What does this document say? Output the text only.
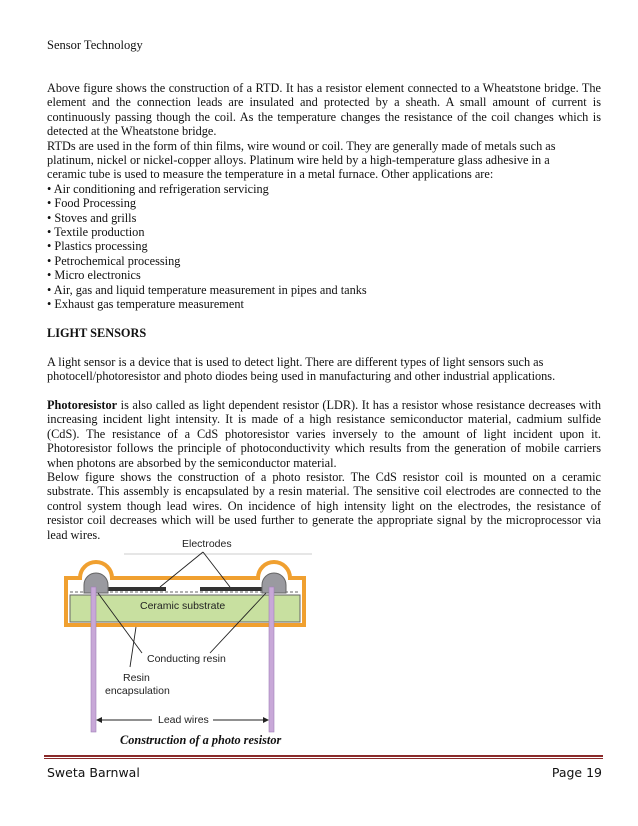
Sensor Technology

Above figure shows the construction of a RTD. It has a resistor element connected to a Wheatstone bridge. The element and the connection leads are insulated and protected by a sheath. A small amount of current is continuously passing though the coil. As the temperature changes the resistance of the coil changes which is detected at the Wheatstone bridge.

RTDs are used in the form of thin films, wire wound or coil. They are generally made of metals such as

platinum, nickel or nickel-copper alloys. Platinum wire held by a high-temperature glass adhesive in a

ceramic tube is used to measure the temperature in a metal furnace. Other applications are:

• Air conditioning and refrigeration servicing
• Food Processing
• Stoves and grills
• Textile production
• Plastics processing
• Petrochemical processing
• Micro electronics
• Air, gas and liquid temperature measurement in pipes and tanks
• Exhaust gas temperature measurement

LIGHT SENSORS

A light sensor is a device that is used to detect light. There are different types of light sensors such as

photocell/photoresistor and photo diodes being used in manufacturing and other industrial applications.

Photoresistor is also called as light dependent resistor (LDR). It has a resistor whose resistance decreases with increasing incident light intensity. It is made of a high resistance semiconductor material, cadmium sulfide (CdS). The resistance of a CdS photoresistor varies inversely to the amount of light incident upon it. Photoresistor follows the principle of photoconductivity which results from the generation of mobile carriers when photons are absorbed by the semiconductor material.

Below figure shows the construction of a photo resistor. The CdS resistor coil is mounted on a ceramic substrate. This assembly is encapsulated by a resin material. The sensitive coil electrodes are connected to the control system though lead wires. On incidence of high intensity light on the electrodes, the resistance of resistor coil decreases which will be used further to generate the appropriate signal by the microprocessor via lead wires.

Electrodes
Ceramic substrate
Conducting resin
Resin
encapsulation
Lead wires
Construction of a photo resistor
Sweta Barnwal	Page 19
